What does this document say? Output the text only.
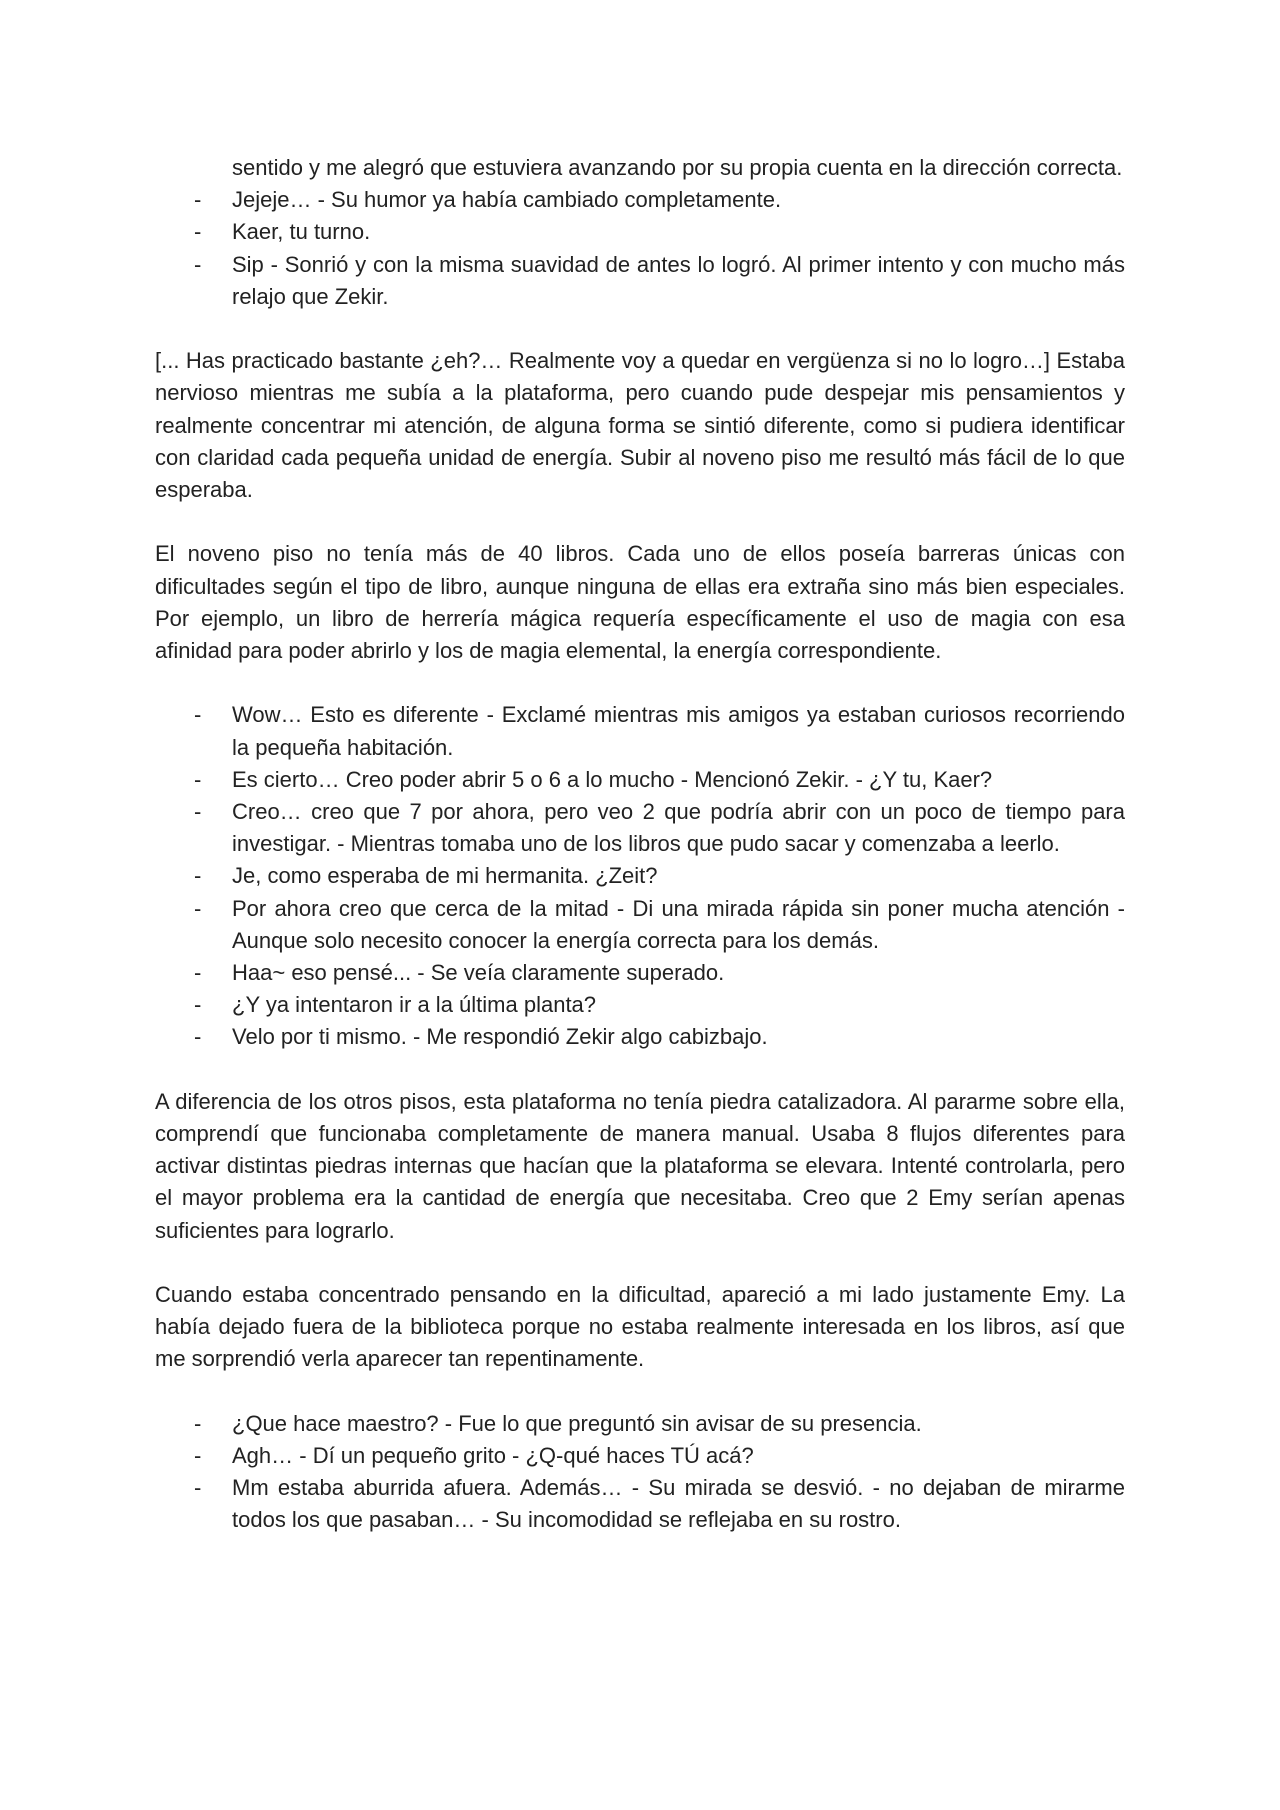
sentido y me alegró que estuviera avanzando por su propia cuenta en la dirección correcta.
- Jejeje… - Su humor ya había cambiado completamente.
- Kaer, tu turno.
- Sip - Sonrió y con la misma suavidad de antes lo logró. Al primer intento y con mucho más relajo que Zekir.

[... Has practicado bastante ¿eh?… Realmente voy a quedar en vergüenza si no lo logro…] Estaba nervioso mientras me subía a la plataforma, pero cuando pude despejar mis pensamientos y realmente concentrar mi atención, de alguna forma se sintió diferente, como si pudiera identificar con claridad cada pequeña unidad de energía. Subir al noveno piso me resultó más fácil de lo que esperaba.

El noveno piso no tenía más de 40 libros. Cada uno de ellos poseía barreras únicas con dificultades según el tipo de libro, aunque ninguna de ellas era extraña sino más bien especiales. Por ejemplo, un libro de herrería mágica requería específicamente el uso de magia con esa afinidad para poder abrirlo y los de magia elemental, la energía correspondiente.

- Wow… Esto es diferente - Exclamé mientras mis amigos ya estaban curiosos recorriendo la pequeña habitación.
- Es cierto… Creo poder abrir 5 o 6 a lo mucho - Mencionó Zekir. - ¿Y tu, Kaer?
- Creo… creo que 7 por ahora, pero veo 2 que podría abrir con un poco de tiempo para investigar. - Mientras tomaba uno de los libros que pudo sacar y comenzaba a leerlo.
- Je, como esperaba de mi hermanita. ¿Zeit?
- Por ahora creo que cerca de la mitad - Di una mirada rápida sin poner mucha atención - Aunque solo necesito conocer la energía correcta para los demás.
- Haa~ eso pensé... - Se veía claramente superado.
- ¿Y ya intentaron ir a la última planta?
- Velo por ti mismo. - Me respondió Zekir algo cabizbajo.

A diferencia de los otros pisos, esta plataforma no tenía piedra catalizadora. Al pararme sobre ella, comprendí que funcionaba completamente de manera manual. Usaba 8 flujos diferentes para activar distintas piedras internas que hacían que la plataforma se elevara. Intenté controlarla, pero el mayor problema era la cantidad de energía que necesitaba. Creo que 2 Emy serían apenas suficientes para lograrlo.

Cuando estaba concentrado pensando en la dificultad, apareció a mi lado justamente Emy. La había dejado fuera de la biblioteca porque no estaba realmente interesada en los libros, así que me sorprendió verla aparecer tan repentinamente.

- ¿Que hace maestro? - Fue lo que preguntó sin avisar de su presencia.
- Agh… - Dí un pequeño grito - ¿Q-qué haces TÚ acá?
- Mm estaba aburrida afuera. Además… - Su mirada se desvió. - no dejaban de mirarme todos los que pasaban… - Su incomodidad se reflejaba en su rostro.
